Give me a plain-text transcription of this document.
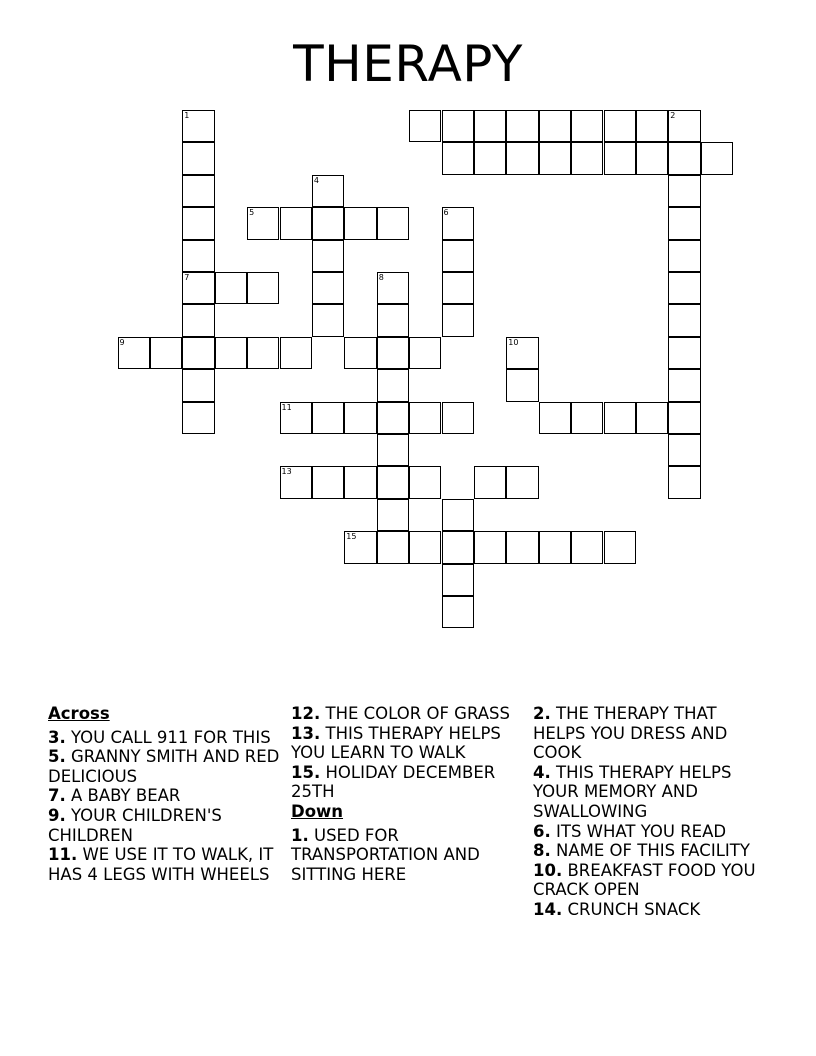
THERAPY
1
7
2
4
5	6
8
9	10
11
13
15

Across

3. YOU CALL 911 FOR THIS

5. GRANNY SMITH AND RED DELICIOUS

7. A BABY BEAR

9. YOUR CHILDREN'S CHILDREN

11. WE USE IT TO WALK, IT HAS 4 LEGS WITH WHEELS

12. THE COLOR OF GRASS

13. THIS THERAPY HELPS YOU LEARN TO WALK

15. HOLIDAY DECEMBER 25TH

Down

1. USED FOR TRANSPORTATION AND SITTING HERE

2. THE THERAPY THAT HELPS YOU DRESS AND COOK

4. THIS THERAPY HELPS YOUR MEMORY AND SWALLOWING

6. ITS WHAT YOU READ

8. NAME OF THIS FACILITY

10. BREAKFAST FOOD YOU CRACK OPEN

14. CRUNCH SNACK
